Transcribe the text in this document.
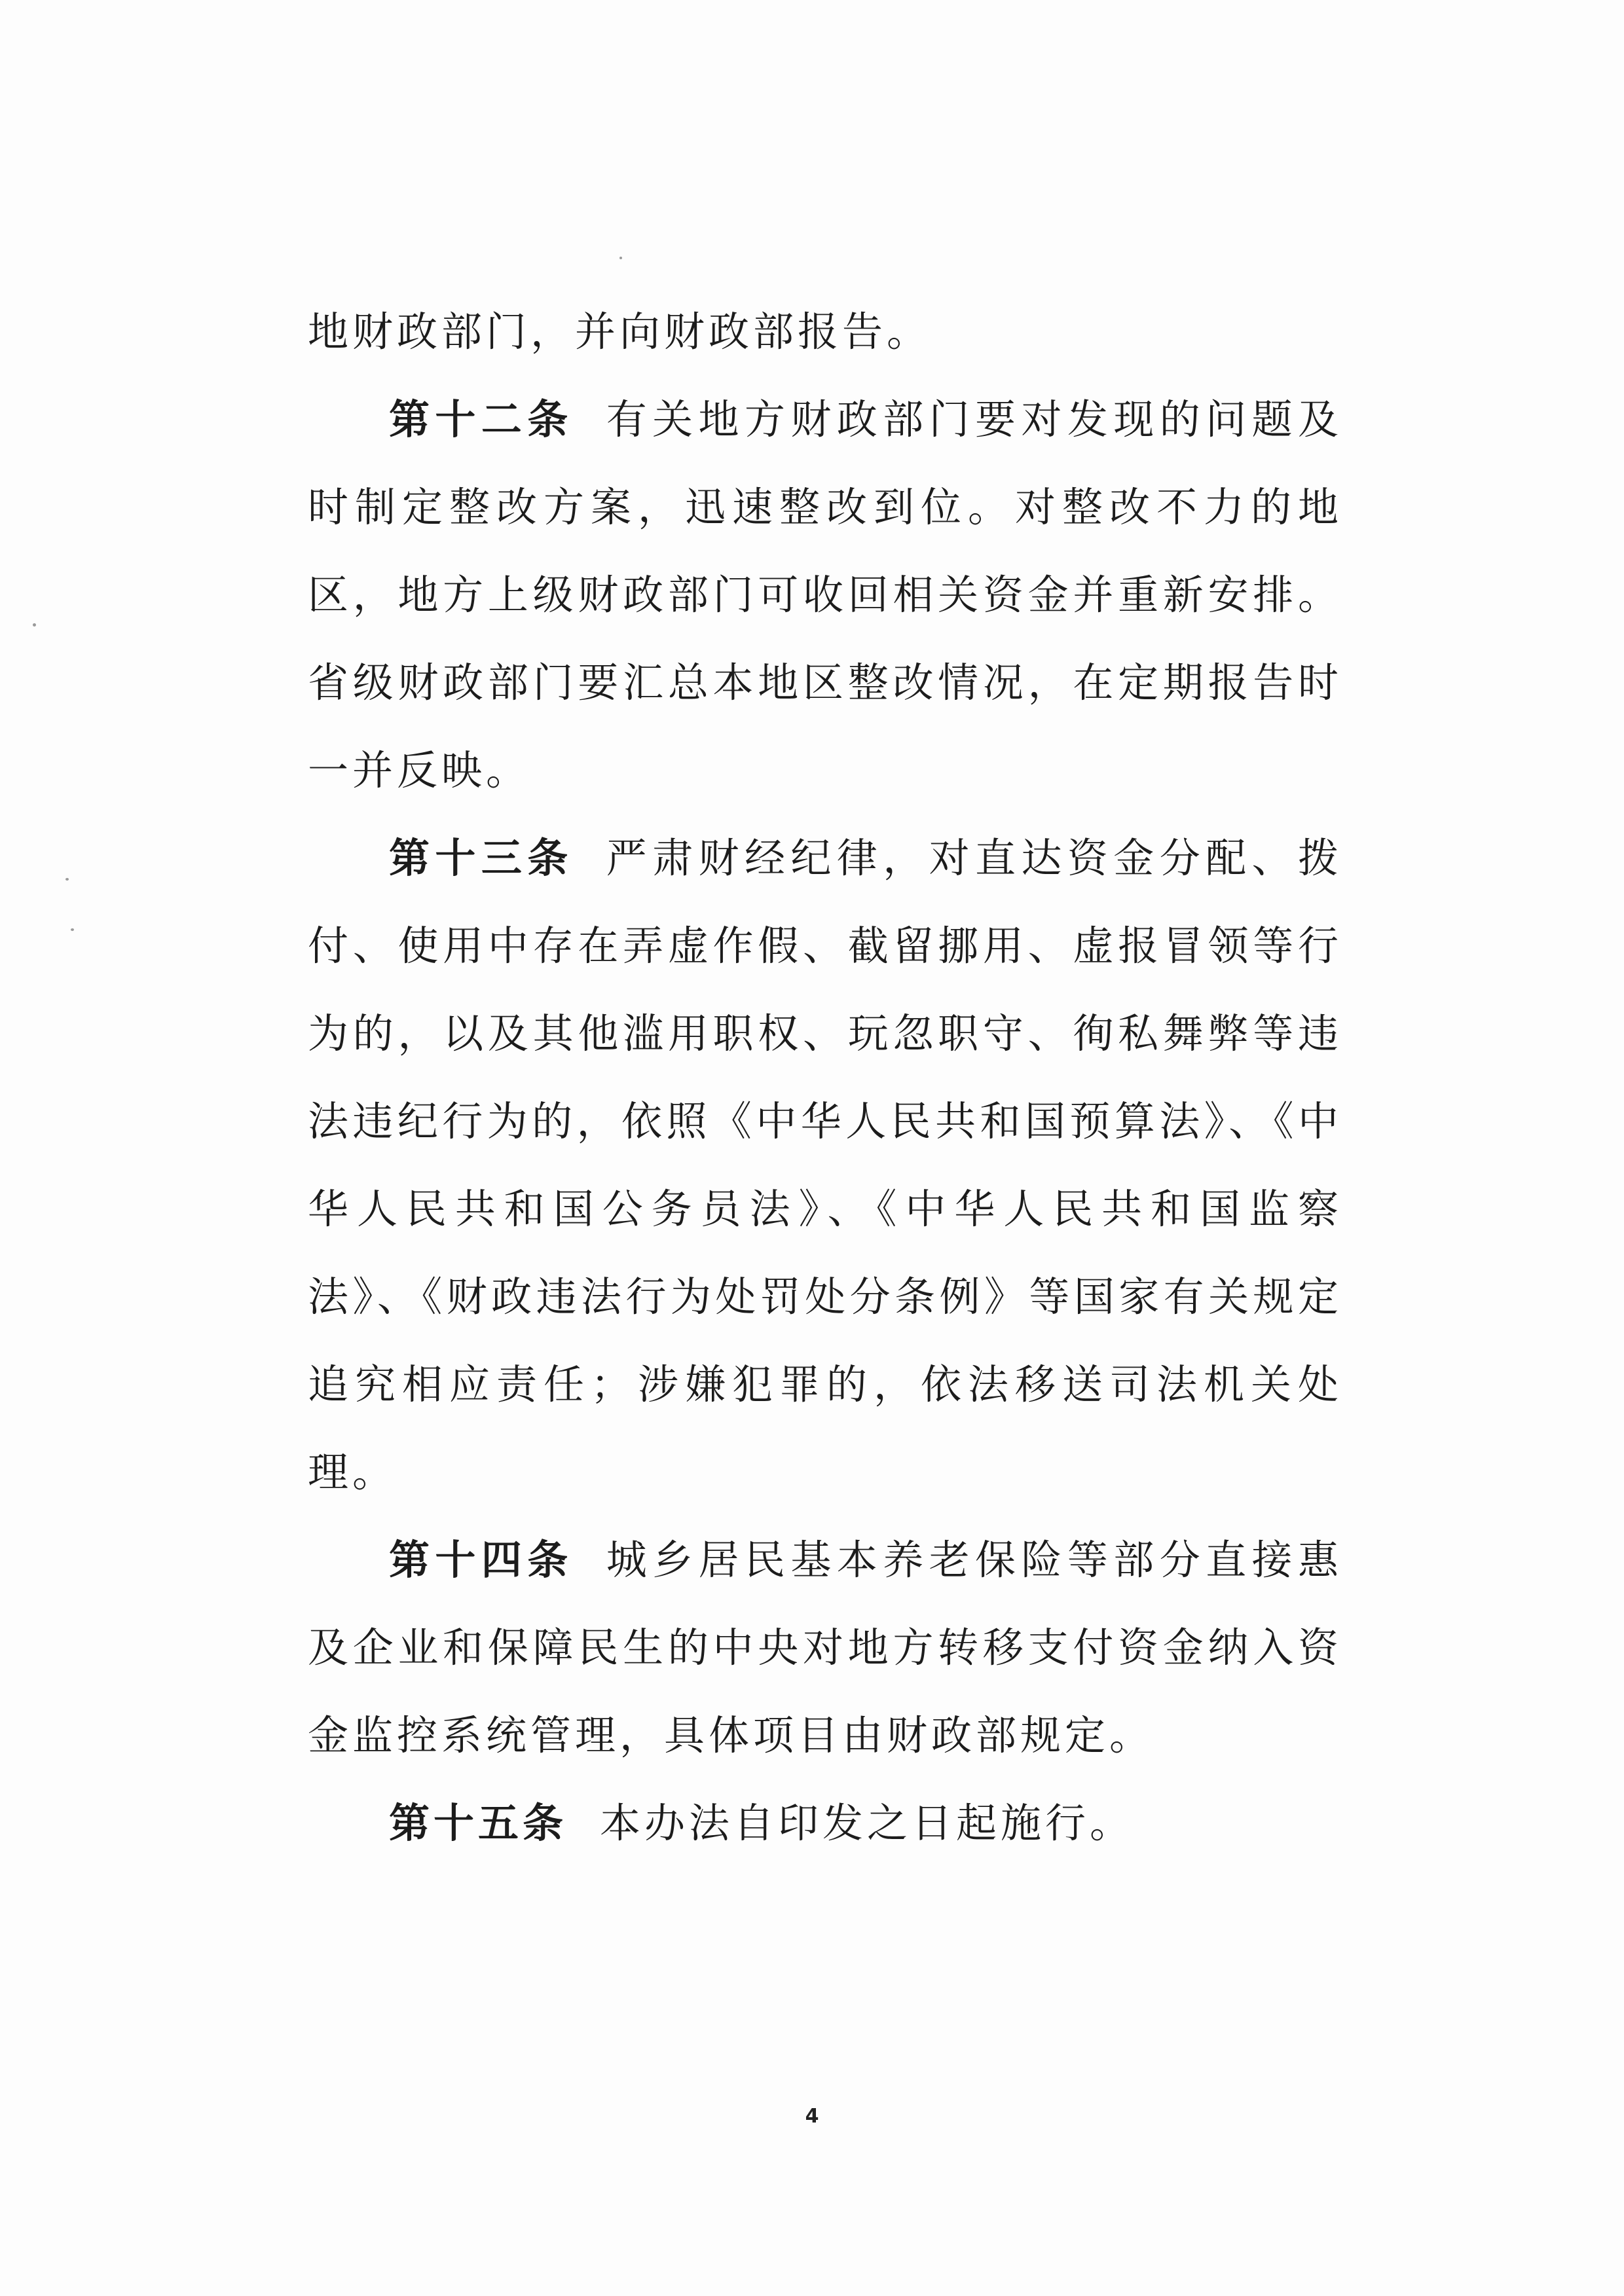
地财政部门，并向财政部报告。

第十二条 有关地方财政部门要对发现的问题及时制定整改方案，迅速整改到位。对整改不力的地区，地方上级财政部门可收回相关资金并重新安排。省级财政部门要汇总本地区整改情况，在定期报告时一并反映。

第十三条 严肃财经纪律，对直达资金分配、拨付、使用中存在弄虚作假、截留挪用、虚报冒领等行为的，以及其他滥用职权、玩忽职守、徇私舞弊等违法违纪行为的，依照《中华人民共和国预算法》、《中华人民共和国公务员法》、《中华人民共和国监察法》、《财政违法行为处罚处分条例》等国家有关规定追究相应责任；涉嫌犯罪的，依法移送司法机关处理。

第十四条 城乡居民基本养老保险等部分直接惠及企业和保障民生的中央对地方转移支付资金纳入资金监控系统管理，具体项目由财政部规定。

第十五条 本办法自印发之日起施行。

4
